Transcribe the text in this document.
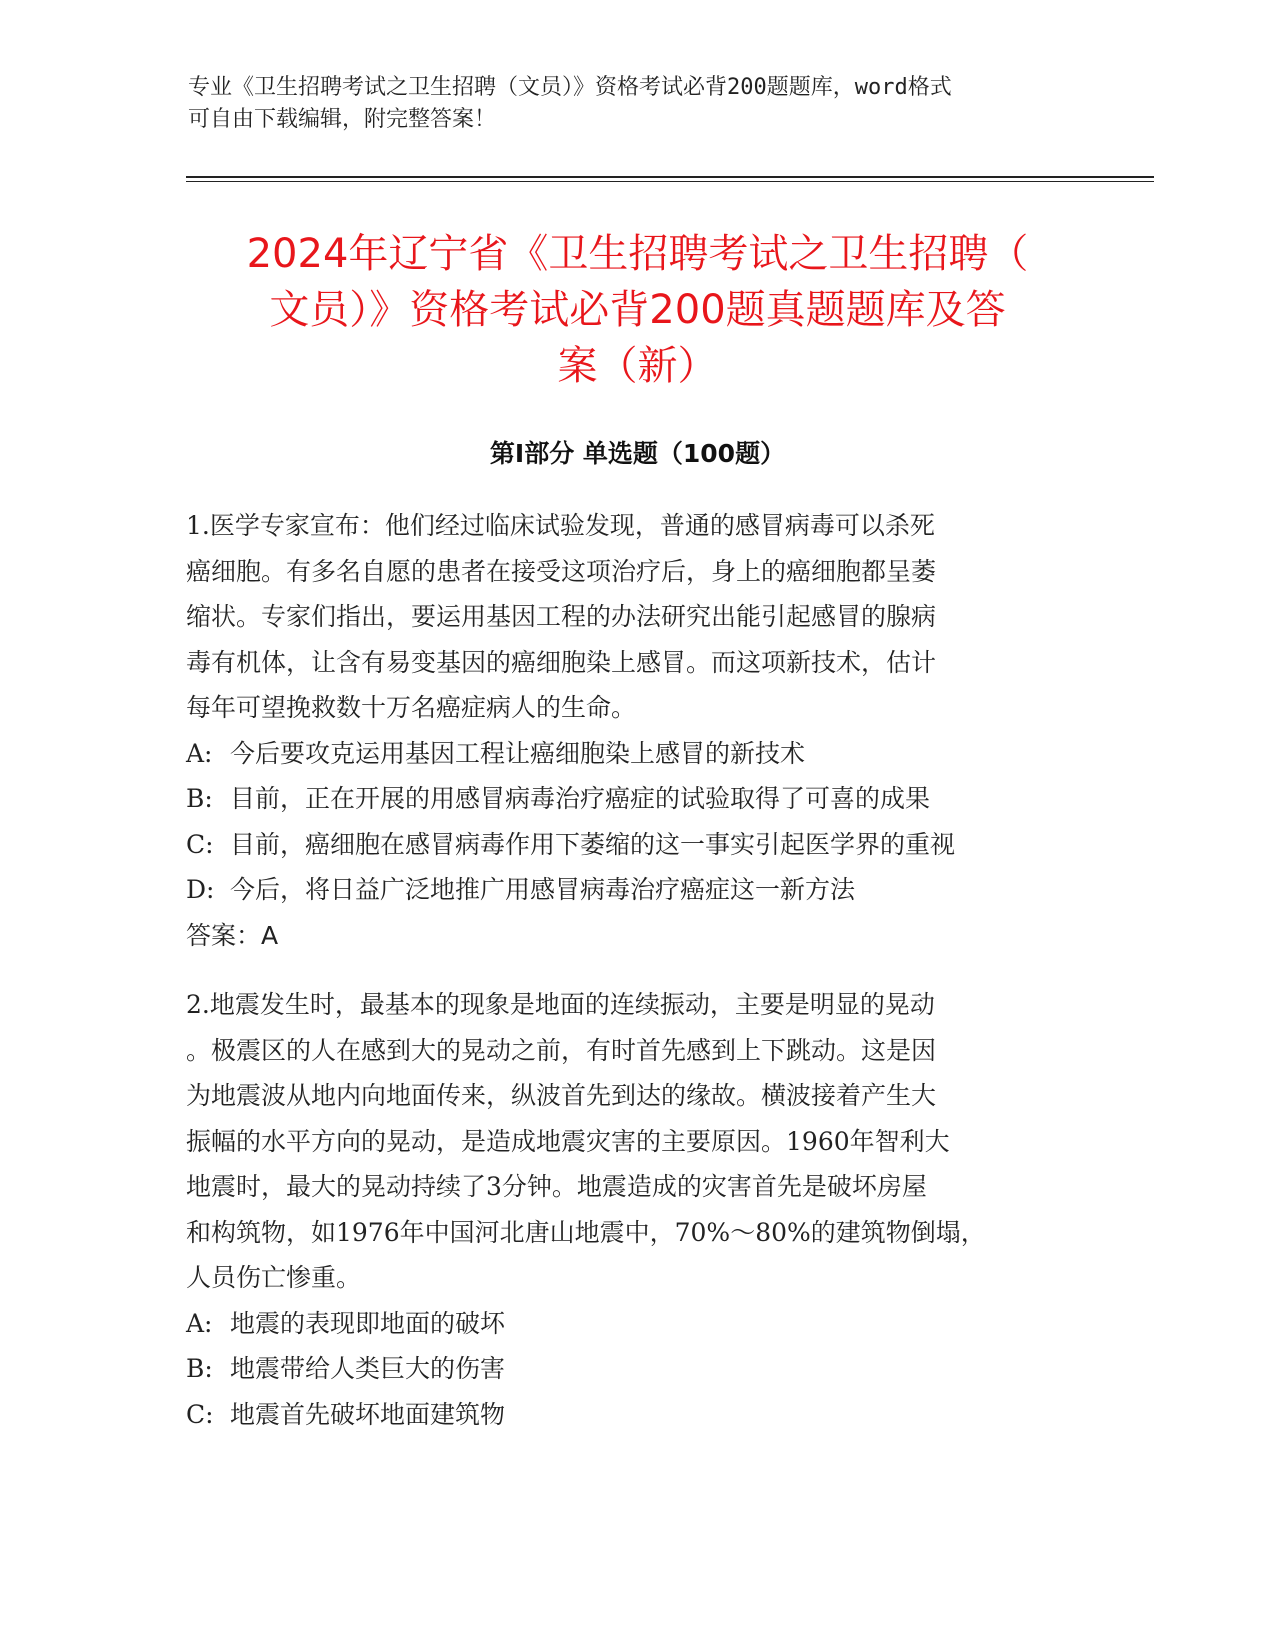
专业《卫生招聘考试之卫生招聘（文员）》资格考试必背200题题库，word格式
可自由下载编辑，附完整答案！
2024年辽宁省《卫生招聘考试之卫生招聘（
文员）》资格考试必背200题真题题库及答
案（新）
第Ⅰ部分 单选题（100题）
1.医学专家宣布：他们经过临床试验发现，普通的感冒病毒可以杀死
癌细胞。有多名自愿的患者在接受这项治疗后，身上的癌细胞都呈萎
缩状。专家们指出，要运用基因工程的办法研究出能引起感冒的腺病
毒有机体，让含有易变基因的癌细胞染上感冒。而这项新技术，估计
每年可望挽救数十万名癌症病人的生命。
A: 今后要攻克运用基因工程让癌细胞染上感冒的新技术
B: 目前，正在开展的用感冒病毒治疗癌症的试验取得了可喜的成果
C: 目前，癌细胞在感冒病毒作用下萎缩的这一事实引起医学界的重视
D: 今后，将日益广泛地推广用感冒病毒治疗癌症这一新方法
答案：A
2.地震发生时，最基本的现象是地面的连续振动，主要是明显的晃动
。极震区的人在感到大的晃动之前，有时首先感到上下跳动。这是因
为地震波从地内向地面传来，纵波首先到达的缘故。横波接着产生大
振幅的水平方向的晃动，是造成地震灾害的主要原因。1960年智利大
地震时，最大的晃动持续了3分钟。地震造成的灾害首先是破坏房屋
和构筑物，如1976年中国河北唐山地震中，70%～80%的建筑物倒塌，
人员伤亡惨重。
A: 地震的表现即地面的破坏
B: 地震带给人类巨大的伤害
C: 地震首先破坏地面建筑物
